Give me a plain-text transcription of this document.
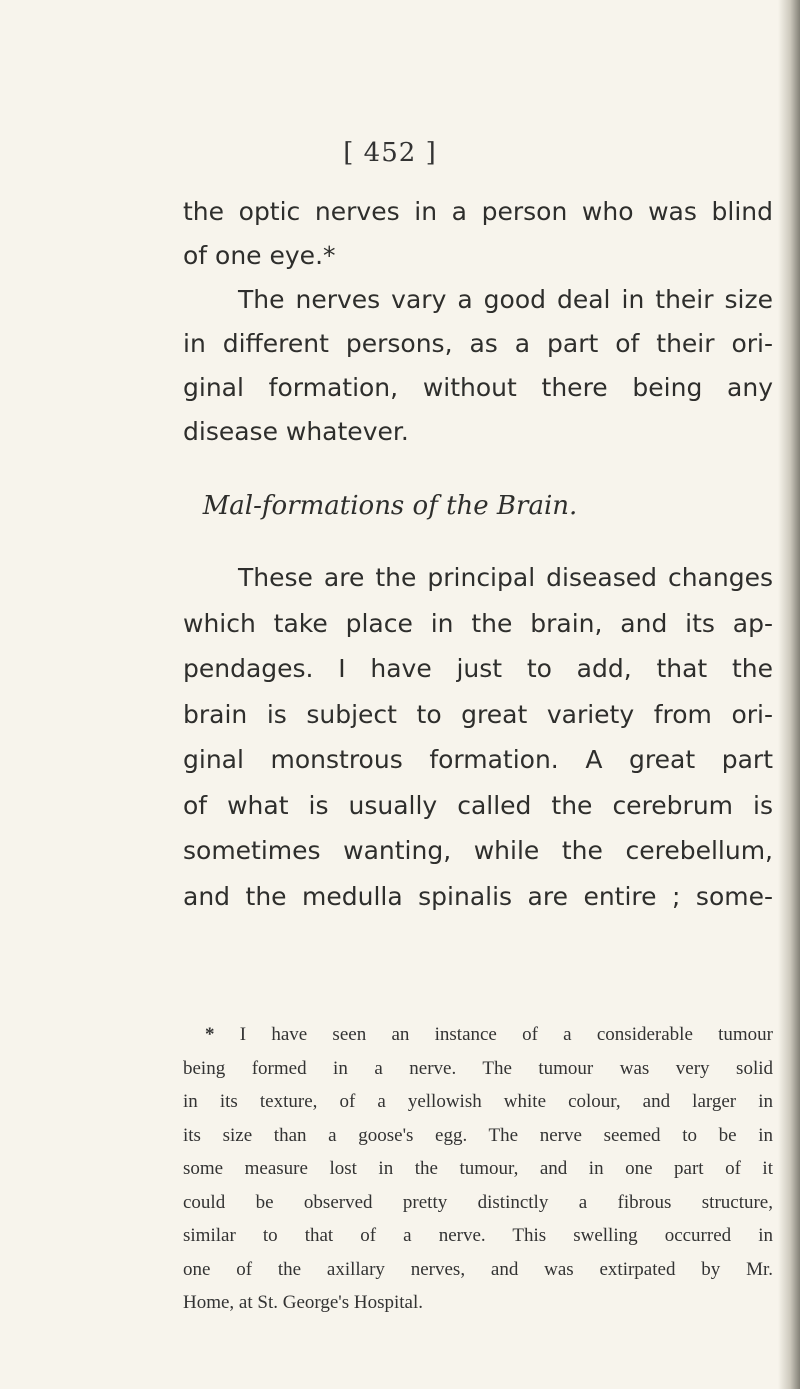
[ 452 ]
the optic nerves in a person who was blind
of one eye.*
The nerves vary a good deal in their size
in different persons, as a part of their ori-
ginal formation, without there being any
disease whatever.
Mal-formations of the Brain.
These are the principal diseased changes
which take place in the brain, and its ap-
pendages. I have just to add, that the
brain is subject to great variety from ori-
ginal monstrous formation. A great part
of what is usually called the cerebrum is
sometimes wanting, while the cerebellum,
and the medulla spinalis are entire ; some-
* I have seen an instance of a considerable tumour
being formed in a nerve. The tumour was very solid
in its texture, of a yellowish white colour, and larger in
its size than a goose's egg. The nerve seemed to be in
some measure lost in the tumour, and in one part of it
could be observed pretty distinctly a fibrous structure,
similar to that of a nerve. This swelling occurred in
one of the axillary nerves, and was extirpated by Mr.
Home, at St. George's Hospital.
